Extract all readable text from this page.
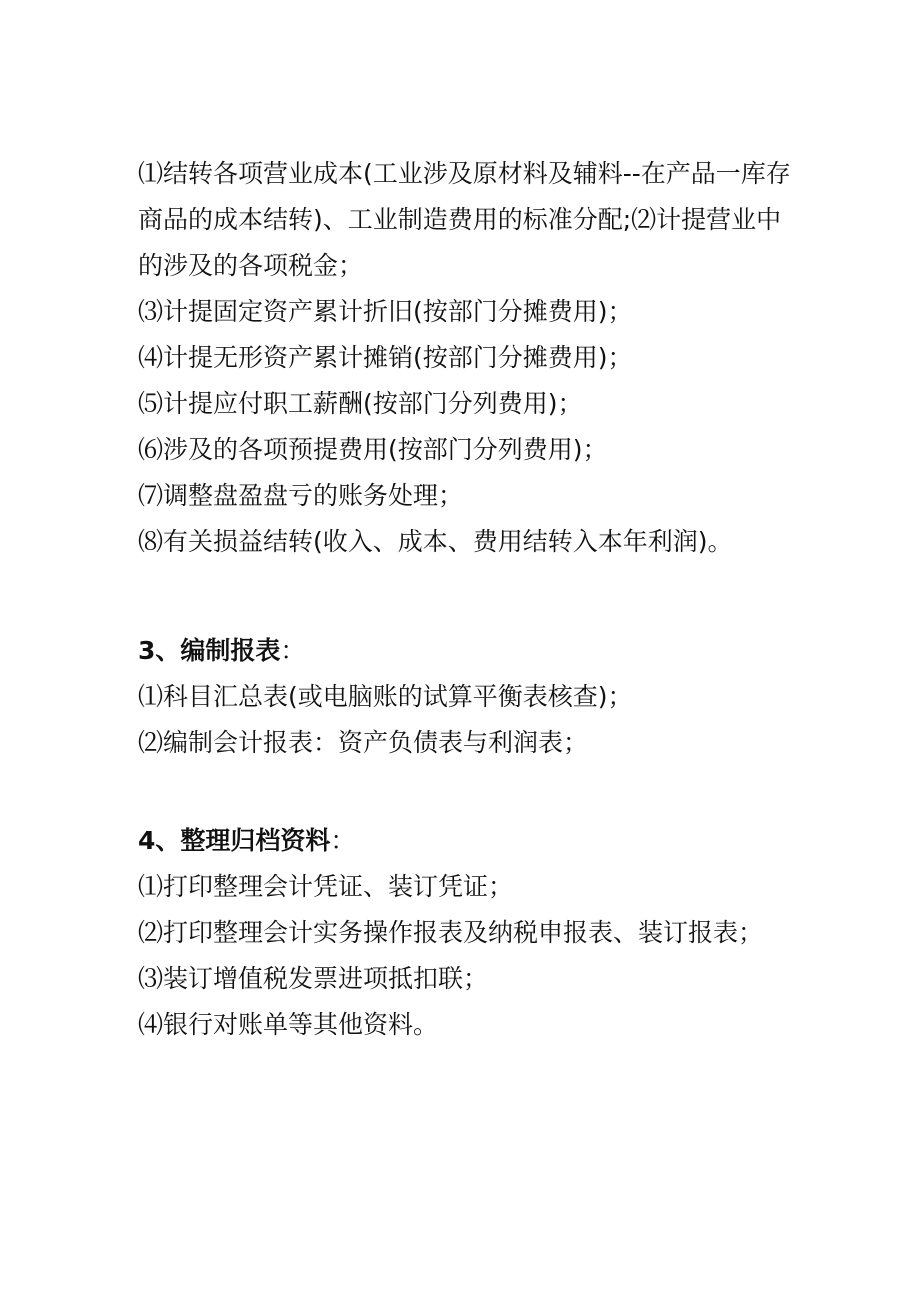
⑴结转各项营业成本(工业涉及原材料及辅料--在产品一库存
商品的成本结转)、工业制造费用的标准分配;⑵计提营业中
的涉及的各项税金；
⑶计提固定资产累计折旧(按部门分摊费用)；
⑷计提无形资产累计摊销(按部门分摊费用)；
⑸计提应付职工薪酬(按部门分列费用)；
⑹涉及的各项预提费用(按部门分列费用)；
⑺调整盘盈盘亏的账务处理；
⑻有关损益结转(收入、成本、费用结转入本年利润)。
3、编制报表：
⑴科目汇总表(或电脑账的试算平衡表核查)；
⑵编制会计报表：资产负债表与利润表；
4、整理归档资料：
⑴打印整理会计凭证、装订凭证；
⑵打印整理会计实务操作报表及纳税申报表、装订报表；
⑶装订增值税发票进项抵扣联；
⑷银行对账单等其他资料。
